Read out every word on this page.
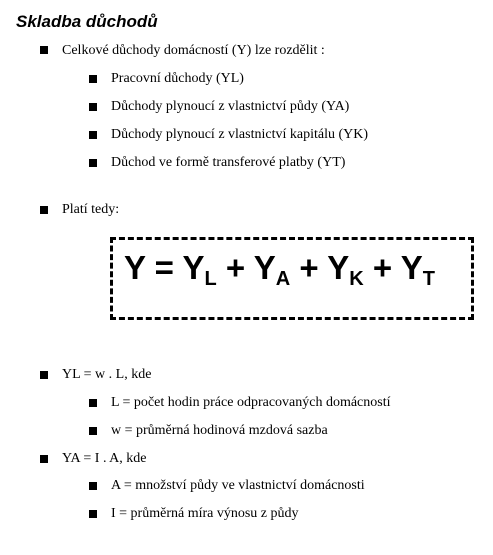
Skladba důchodů
Celkové důchody domácností (Y) lze rozdělit :
Pracovní důchody (YL)
Důchody plynoucí z vlastnictví půdy (YA)
Důchody plynoucí z vlastnictví kapitálu (YK)
Důchod ve formě transferové platby (YT)
Platí tedy:
$Y = Y_L + Y_A + Y_K + Y_T$
YL = w . L, kde
L = počet hodin práce odpracovaných domácností
w = průměrná hodinová mzdová sazba
YA = I . A, kde
A = množství půdy ve vlastnictví domácnosti
I = průměrná míra výnosu z půdy
